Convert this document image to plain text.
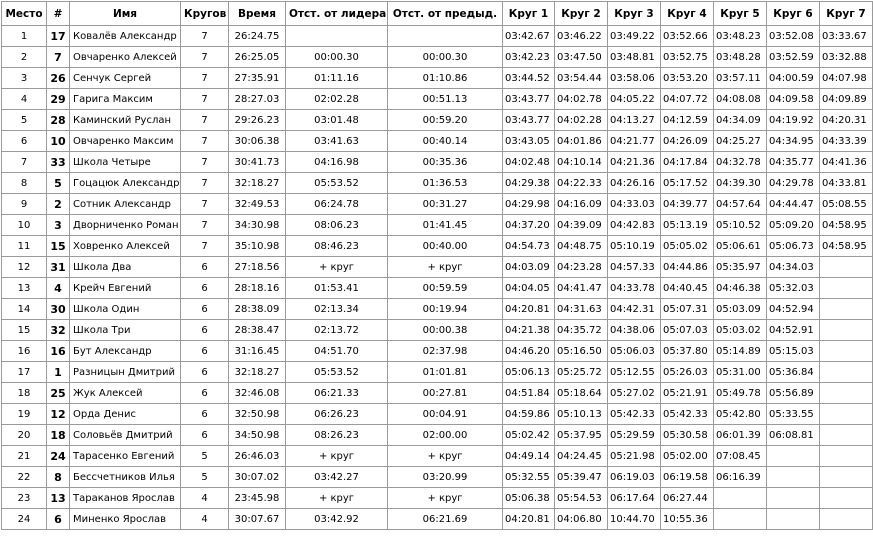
Место	#	Имя	Кругов	Время	Отст. от лидера	Отст. от предыд.	Круг 1	Круг 2	Круг 3	Круг 4	Круг 5	Круг 6	Круг 7
1	17	Ковалёв Александр	7	26:24.75			03:42.67	03:46.22	03:49.22	03:52.66	03:48.23	03:52.08	03:33.67
2	7	Овчаренко Алексей	7	26:25.05	00:00.30	00:00.30	03:42.23	03:47.50	03:48.81	03:52.75	03:48.28	03:52.59	03:32.88
3	26	Сенчук Сергей	7	27:35.91	01:11.16	01:10.86	03:44.52	03:54.44	03:58.06	03:53.20	03:57.11	04:00.59	04:07.98
4	29	Гарига Максим	7	28:27.03	02:02.28	00:51.13	03:43.77	04:02.78	04:05.22	04:07.72	04:08.08	04:09.58	04:09.89
5	28	Каминский Руслан	7	29:26.23	03:01.48	00:59.20	03:43.77	04:02.28	04:13.27	04:12.59	04:34.09	04:19.92	04:20.31
6	10	Овчаренко Максим	7	30:06.38	03:41.63	00:40.14	03:43.05	04:01.86	04:21.77	04:26.09	04:25.27	04:34.95	04:33.39
7	33	Школа Четыре	7	30:41.73	04:16.98	00:35.36	04:02.48	04:10.14	04:21.36	04:17.84	04:32.78	04:35.77	04:41.36
8	5	Гоцацюк Александр	7	32:18.27	05:53.52	01:36.53	04:29.38	04:22.33	04:26.16	05:17.52	04:39.30	04:29.78	04:33.81
9	2	Сотник Александр	7	32:49.53	06:24.78	00:31.27	04:29.98	04:16.09	04:33.03	04:39.77	04:57.64	04:44.47	05:08.55
10	3	Дворниченко Роман	7	34:30.98	08:06.23	01:41.45	04:37.20	04:39.09	04:42.83	05:13.19	05:10.52	05:09.20	04:58.95
11	15	Ховренко Алексей	7	35:10.98	08:46.23	00:40.00	04:54.73	04:48.75	05:10.19	05:05.02	05:06.61	05:06.73	04:58.95
12	31	Школа Два	6	27:18.56	+ круг	+ круг	04:03.09	04:23.28	04:57.33	04:44.86	05:35.97	04:34.03	
13	4	Крейч Евгений	6	28:18.16	01:53.41	00:59.59	04:04.05	04:41.47	04:33.78	04:40.45	04:46.38	05:32.03	
14	30	Школа Один	6	28:38.09	02:13.34	00:19.94	04:20.81	04:31.63	04:42.31	05:07.31	05:03.09	04:52.94	
15	32	Школа Три	6	28:38.47	02:13.72	00:00.38	04:21.38	04:35.72	04:38.06	05:07.03	05:03.02	04:52.91	
16	16	Бут Александр	6	31:16.45	04:51.70	02:37.98	04:46.20	05:16.50	05:06.03	05:37.80	05:14.89	05:15.03	
17	1	Разницын Дмитрий	6	32:18.27	05:53.52	01:01.81	05:06.13	05:25.72	05:12.55	05:26.03	05:31.00	05:36.84	
18	25	Жук Алексей	6	32:46.08	06:21.33	00:27.81	04:51.84	05:18.64	05:27.02	05:21.91	05:49.78	05:56.89	
19	12	Орда Денис	6	32:50.98	06:26.23	00:04.91	04:59.86	05:10.13	05:42.33	05:42.33	05:42.80	05:33.55	
20	18	Соловьёв Дмитрий	6	34:50.98	08:26.23	02:00.00	05:02.42	05:37.95	05:29.59	05:30.58	06:01.39	06:08.81	
21	24	Тарасенко Евгений	5	26:46.03	+ круг	+ круг	04:49.14	04:24.45	05:21.98	05:02.00	07:08.45		
22	8	Бессчетников Илья	5	30:07.02	03:42.27	03:20.99	05:32.55	05:39.47	06:19.03	06:19.58	06:16.39		
23	13	Тараканов Ярослав	4	23:45.98	+ круг	+ круг	05:06.38	05:54.53	06:17.64	06:27.44			
24	6	Миненко Ярослав	4	30:07.67	03:42.92	06:21.69	04:20.81	04:06.80	10:44.70	10:55.36			
